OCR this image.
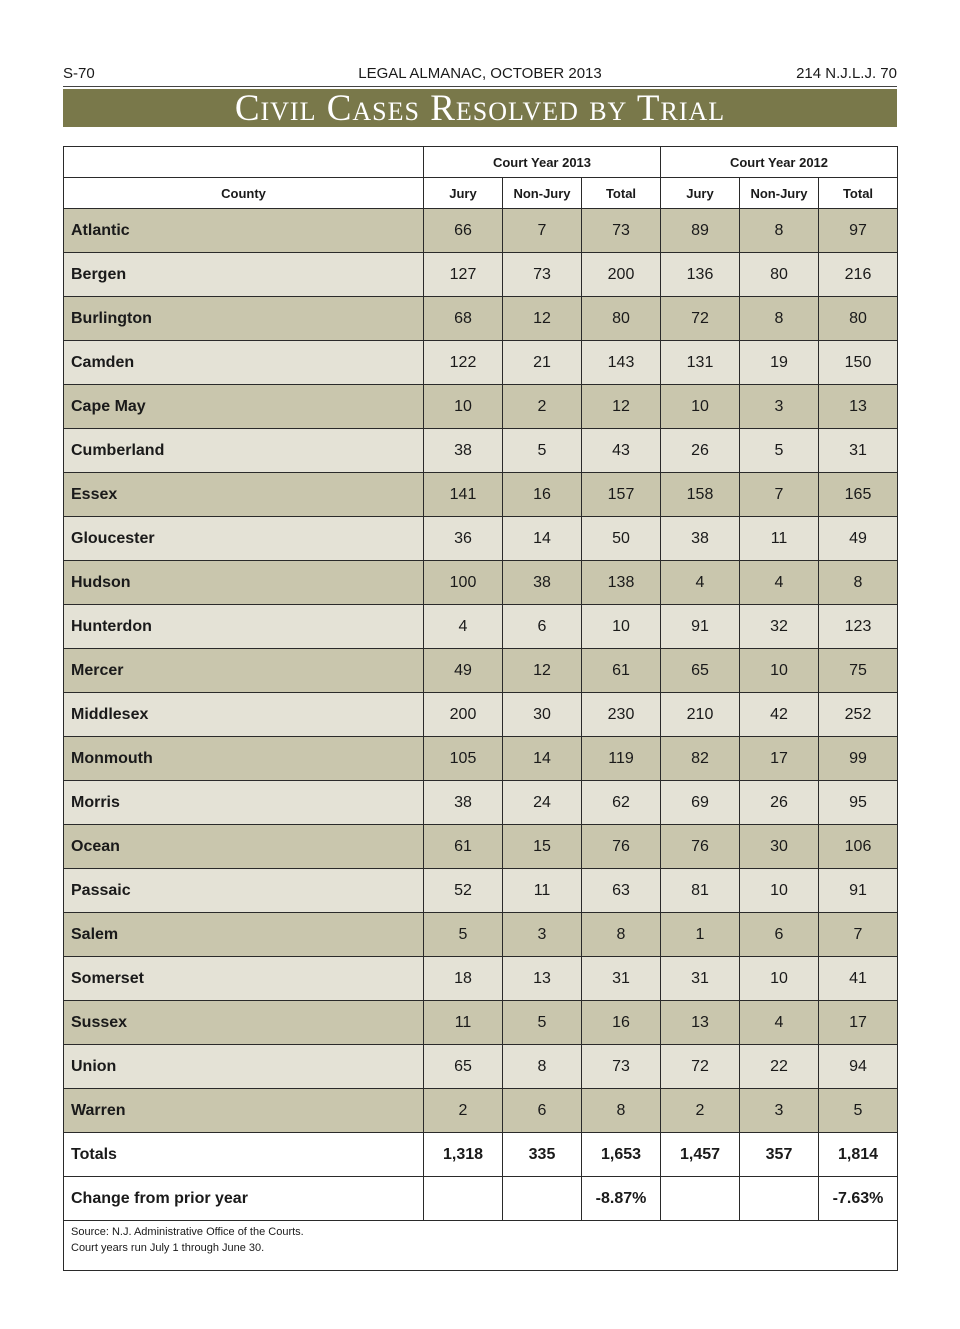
S-70	LEGAL ALMANAC, OCTOBER 2013	214 N.J.L.J. 70
Civil Cases Resolved by Trial
	Court Year 2013			Court Year 2012		
County	Jury	Non-Jury	Total	Jury	Non-Jury	Total
Atlantic	66	7	73	89	8	97
Bergen	127	73	200	136	80	216
Burlington	68	12	80	72	8	80
Camden	122	21	143	131	19	150
Cape May	10	2	12	10	3	13
Cumberland	38	5	43	26	5	31
Essex	141	16	157	158	7	165
Gloucester	36	14	50	38	11	49
Hudson	100	38	138	4	4	8
Hunterdon	4	6	10	91	32	123
Mercer	49	12	61	65	10	75
Middlesex	200	30	230	210	42	252
Monmouth	105	14	119	82	17	99
Morris	38	24	62	69	26	95
Ocean	61	15	76	76	30	106
Passaic	52	11	63	81	10	91
Salem	5	3	8	1	6	7
Somerset	18	13	31	31	10	41
Sussex	11	5	16	13	4	17
Union	65	8	73	72	22	94
Warren	2	6	8	2	3	5
Totals	1,318	335	1,653	1,457	357	1,814
Change from prior year			-8.87%			-7.63%

Source: N.J. Administrative Office of the Courts.
Court years run July 1 through June 30.						
